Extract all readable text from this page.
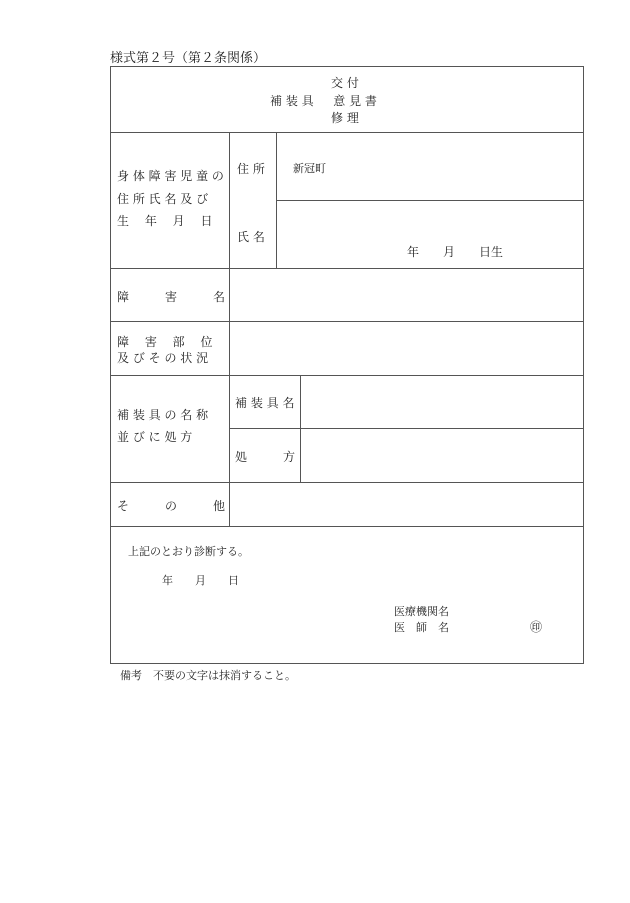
様式第２号（第２条関係）
交 付
補 装 具 　 意 見 書
修 理
身 体 障 害 児 童 の
住 所 氏 名 及 び
生　 年 　月 　日
住 所	新冠町
氏 名
年　　月　　日生
障　　　害　　　名
障　 害 　部 　位
及 び そ の 状 況
補 装 具 の 名 称
並 び に 処 方
補 装 具 名
処　　　方
そ　　　の　　　他
上記のとおり診断する。
年　　月　　日
医療機関名
医　師　名	㊞
備考　不要の文字は抹消すること。
